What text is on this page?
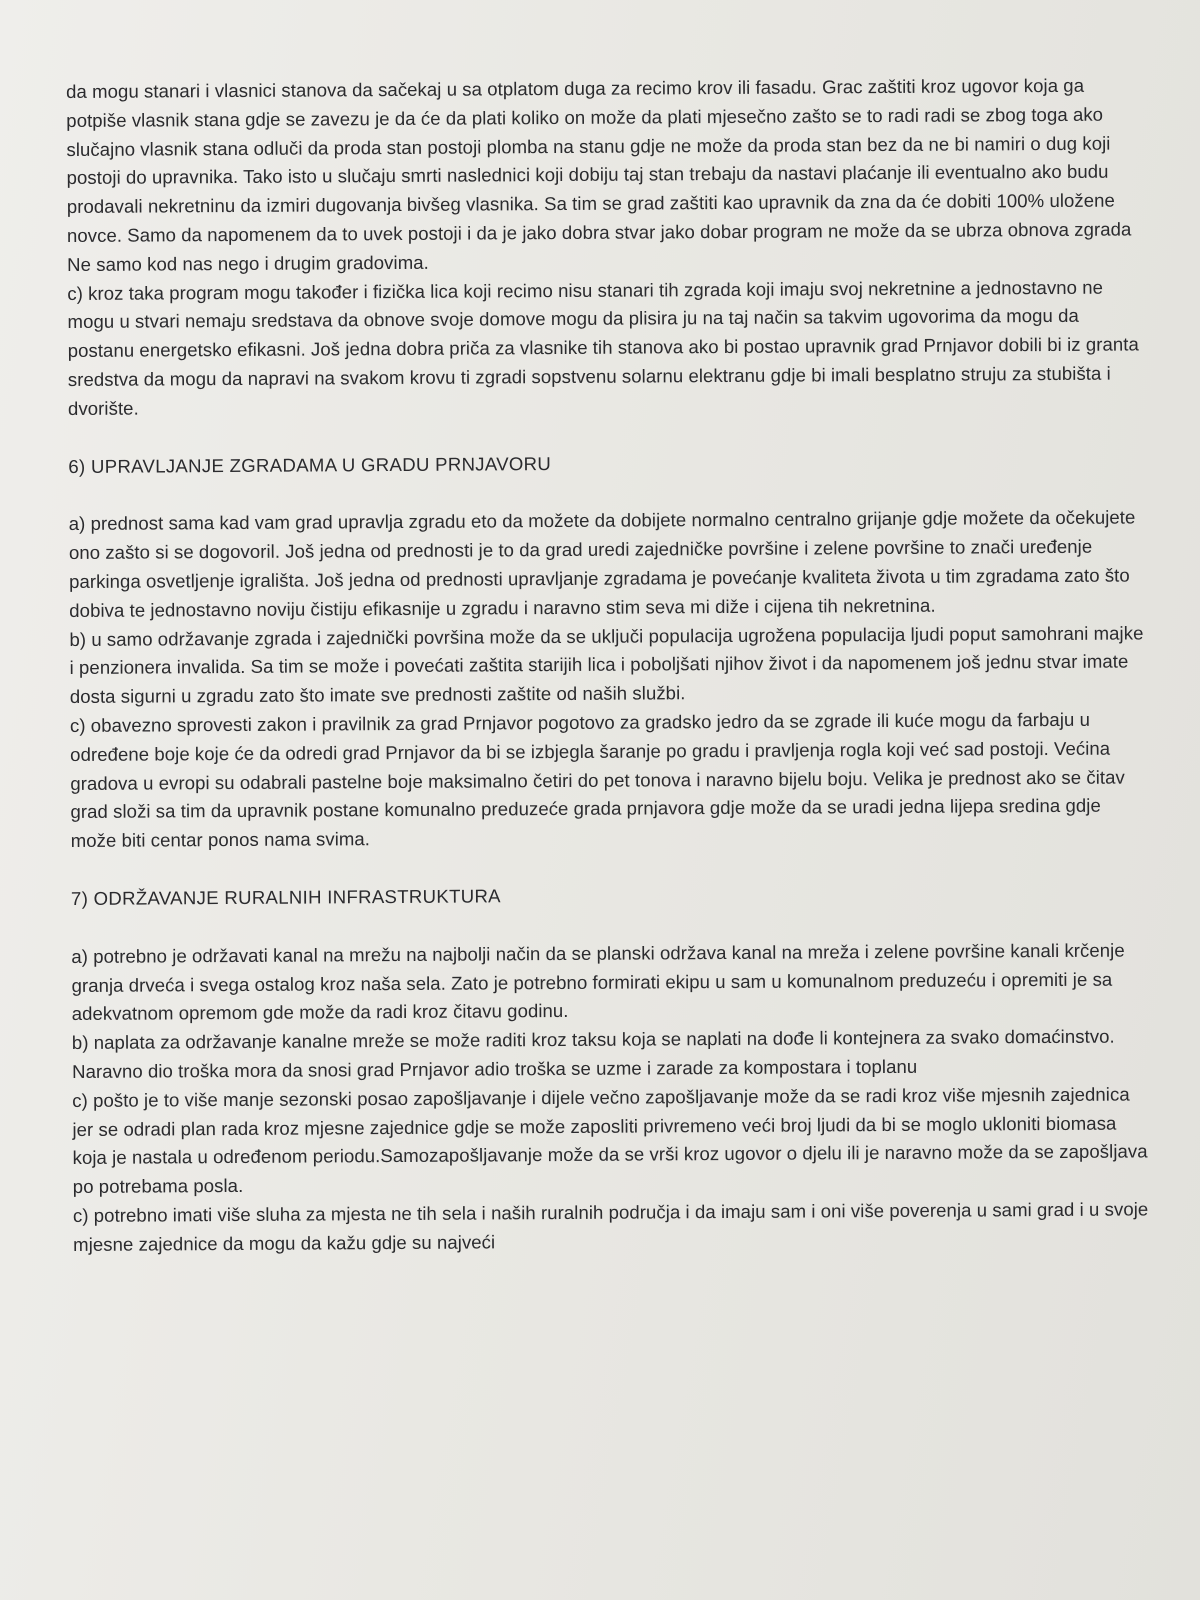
da mogu stanari i vlasnici stanova da sačekaj u sa otplatom duga za recimo krov ili fasadu. Grac zaštiti kroz ugovor koja ga potpiše vlasnik stana gdje se zavezu je da će da plati koliko on može da plati mjesečno zašto se to radi radi se zbog toga ako slučajno vlasnik stana odluči da proda stan postoji plomba na stanu gdje ne može da proda stan bez da ne bi namiri o dug koji postoji do upravnika. Tako isto u slučaju smrti naslednici koji dobiju taj stan trebaju da nastavi plaćanje ili eventualno ako budu prodavali nekretninu da izmiri dugovanja bivšeg vlasnika. Sa tim se grad zaštiti kao upravnik da zna da će dobiti 100% uložene novce. Samo da napomenem da to uvek postoji i da je jako dobra stvar jako dobar program ne može da se ubrza obnova zgrada Ne samo kod nas nego i drugim gradovima.

c) kroz taka program mogu također i fizička lica koji recimo nisu stanari tih zgrada koji imaju svoj nekretnine a jednostavno ne mogu u stvari nemaju sredstava da obnove svoje domove mogu da plisira ju na taj način sa takvim ugovorima da mogu da postanu energetsko efikasni. Još jedna dobra priča za vlasnike tih stanova ako bi postao upravnik grad Prnjavor dobili bi iz granta sredstva da mogu da napravi na svakom krovu ti zgradi sopstvenu solarnu elektranu gdje bi imali besplatno struju za stubišta i dvorište.

6) UPRAVLJANJE ZGRADAMA U GRADU PRNJAVORU

a) prednost sama kad vam grad upravlja zgradu eto da možete da dobijete normalno centralno grijanje gdje možete da očekujete ono zašto si se dogovoril. Još jedna od prednosti je to da grad uredi zajedničke površine i zelene površine to znači uređenje parkinga osvetljenje igrališta. Još jedna od prednosti upravljanje zgradama je povećanje kvaliteta života u tim zgradama zato što dobiva te jednostavno noviju čistiju efikasnije u zgradu i naravno stim seva mi diže i cijena tih nekretnina.

b) u samo održavanje zgrada i zajednički površina može da se uključi populacija ugrožena populacija ljudi poput samohrani majke i penzionera invalida. Sa tim se može i povećati zaštita starijih lica i poboljšati njihov život i da napomenem još jednu stvar imate dosta sigurni u zgradu zato što imate sve prednosti zaštite od naših službi.

c) obavezno sprovesti zakon i pravilnik za grad Prnjavor pogotovo za gradsko jedro da se zgrade ili kuće mogu da farbaju u određene boje koje će da odredi grad Prnjavor da bi se izbjegla šaranje po gradu i pravljenja rogla koji već sad postoji. Većina gradova u evropi su odabrali pastelne boje maksimalno četiri do pet tonova i naravno bijelu boju. Velika je prednost ako se čitav grad složi sa tim da upravnik postane komunalno preduzeće grada prnjavora gdje može da se uradi jedna lijepa sredina gdje može biti centar ponos nama svima.

7) ODRŽAVANJE RURALNIH INFRASTRUKTURA

a) potrebno je održavati kanal na mrežu na najbolji način da se planski održava kanal na mreža i zelene površine kanali krčenje granja drveća i svega ostalog kroz naša sela. Zato je potrebno formirati ekipu u sam u komunalnom preduzeću i opremiti je sa adekvatnom opremom gde može da radi kroz čitavu godinu.

b) naplata za održavanje kanalne mreže se može raditi kroz taksu koja se naplati na dođe li kontejnera za svako domaćinstvo. Naravno dio troška mora da snosi grad Prnjavor adio troška se uzme i zarade za kompostara i toplanu

c) pošto je to više manje sezonski posao zapošljavanje i dijele večno zapošljavanje može da se radi kroz više mjesnih zajednica jer se odradi plan rada kroz mjesne zajednice gdje se može zaposliti privremeno veći broj ljudi da bi se moglo ukloniti biomasa koja je nastala u određenom periodu.Samozapošljavanje može da se vrši kroz ugovor o djelu ili je naravno može da se zapošljava po potrebama posla.

c) potrebno imati više sluha za mjesta ne tih sela i naših ruralnih područja i da imaju sam i oni više poverenja u sami grad i u svoje mjesne zajednice da mogu da kažu gdje su najveći
